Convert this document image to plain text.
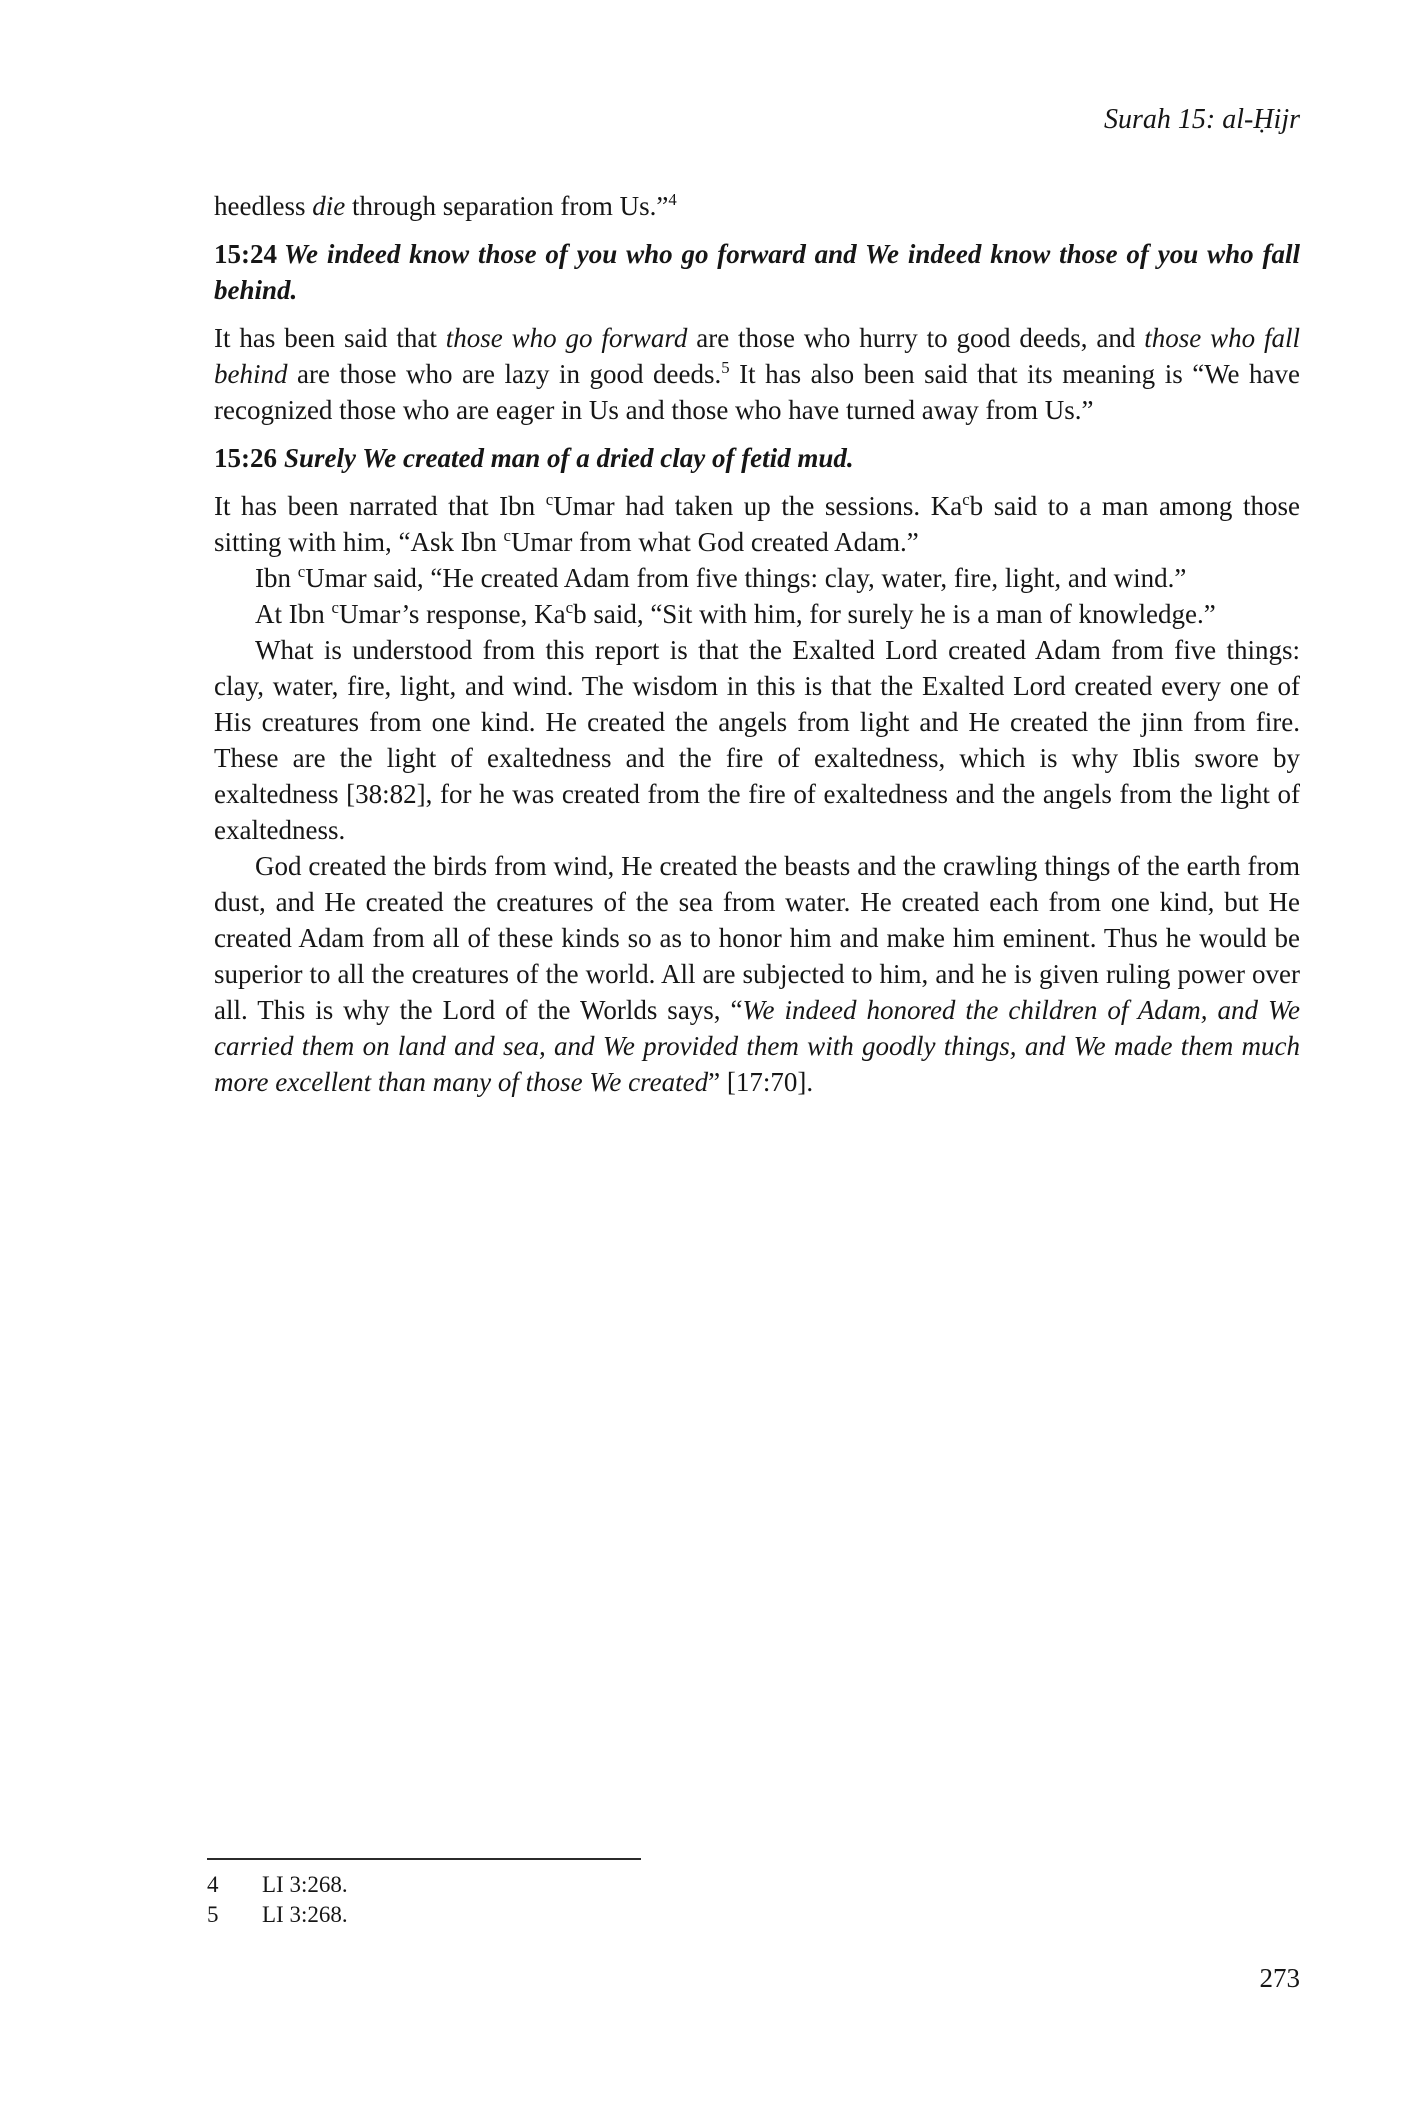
Surah 15: al-Ḥijr

heedless die through separation from Us.”$^4$

15:24 We indeed know those of you who go forward and We indeed know those of you who fall behind.

It has been said that those who go forward are those who hurry to good deeds, and those who fall behind are those who are lazy in good deeds.$^5$ It has also been said that its meaning is “We have recognized those who are eager in Us and those who have turned away from Us.”

15:26 Surely We created man of a dried clay of fetid mud.

It has been narrated that Ibn $^c$Umar had taken up the sessions. Ka$^c$b said to a man among those sitting with him, “Ask Ibn $^c$Umar from what God created Adam.”

Ibn $^c$Umar said, “He created Adam from five things: clay, water, fire, light, and wind.”

At Ibn $^c$Umar’s response, Ka$^c$b said, “Sit with him, for surely he is a man of knowledge.”

What is understood from this report is that the Exalted Lord created Adam from five things: clay, water, fire, light, and wind. The wisdom in this is that the Exalted Lord created every one of His creatures from one kind. He created the angels from light and He created the jinn from fire. These are the light of exaltedness and the fire of exaltedness, which is why Iblis swore by exaltedness [38:82], for he was created from the fire of exaltedness and the angels from the light of exaltedness.

God created the birds from wind, He created the beasts and the crawling things of the earth from dust, and He created the creatures of the sea from water. He created each from one kind, but He created Adam from all of these kinds so as to honor him and make him eminent. Thus he would be superior to all the creatures of the world. All are subjected to him, and he is given ruling power over all. This is why the Lord of the Worlds says, “We indeed honored the children of Adam, and We carried them on land and sea, and We provided them with goodly things, and We made them much more excellent than many of those We created” [17:70].

4	LI 3:268.
5	LI 3:268.
273
